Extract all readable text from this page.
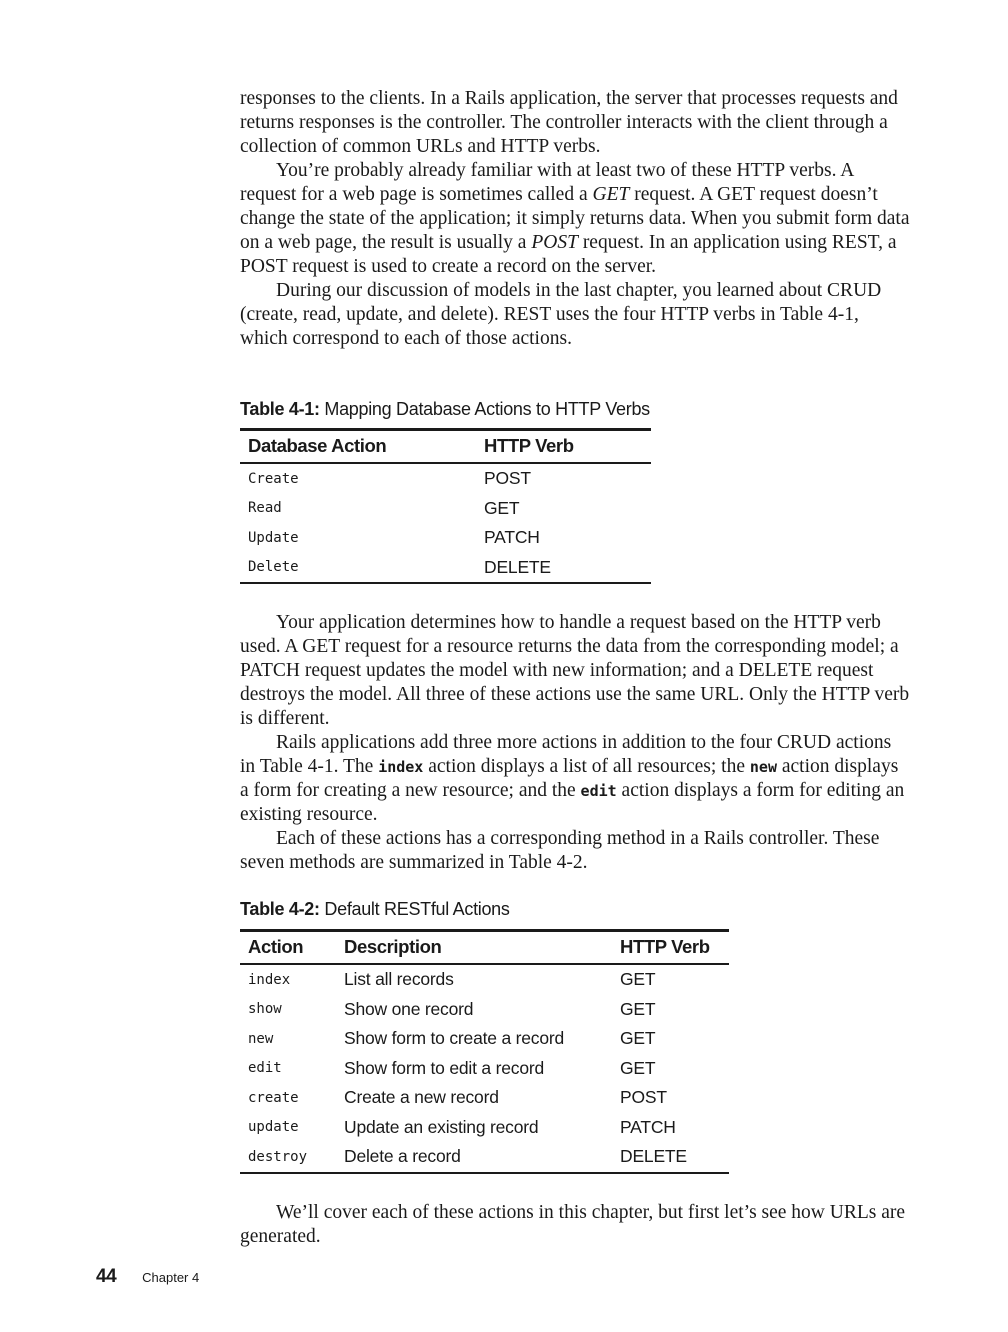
responses to the clients. In a Rails application, the server that processes requests and returns responses is the controller. The controller interacts with the client through a collection of common URLs and HTTP verbs.

You’re probably already familiar with at least two of these HTTP verbs. A request for a web page is sometimes called a GET request. A GET request doesn’t change the state of the application; it simply returns data. When you submit form data on a web page, the result is usually a POST request. In an application using REST, a POST request is used to create a record on the server.

During our discussion of models in the last chapter, you learned about CRUD (create, read, update, and delete). REST uses the four HTTP verbs in Table 4-1, which correspond to each of those actions.

Table 4-1: Mapping Database Actions to HTTP Verbs
Database Action	HTTP Verb
Create	POST
Read	GET
Update	PATCH
Delete	DELETE

Your application determines how to handle a request based on the HTTP verb used. A GET request for a resource returns the data from the corresponding model; a PATCH request updates the model with new information; and a DELETE request destroys the model. All three of these actions use the same URL. Only the HTTP verb is different.

Rails applications add three more actions in addition to the four CRUD actions in Table 4-1. The index action displays a list of all resources; the new action displays a form for creating a new resource; and the edit action displays a form for editing an existing resource.

Each of these actions has a corresponding method in a Rails controller. These seven methods are summarized in Table 4-2.

Table 4-2: Default RESTful Actions
Action	Description	HTTP Verb
index	List all records	GET
show	Show one record	GET
new	Show form to create a record	GET
edit	Show form to edit a record	GET
create	Create a new record	POST
update	Update an existing record	PATCH
destroy	Delete a record	DELETE

We’ll cover each of these actions in this chapter, but first let’s see how URLs are generated.

44 Chapter 4
